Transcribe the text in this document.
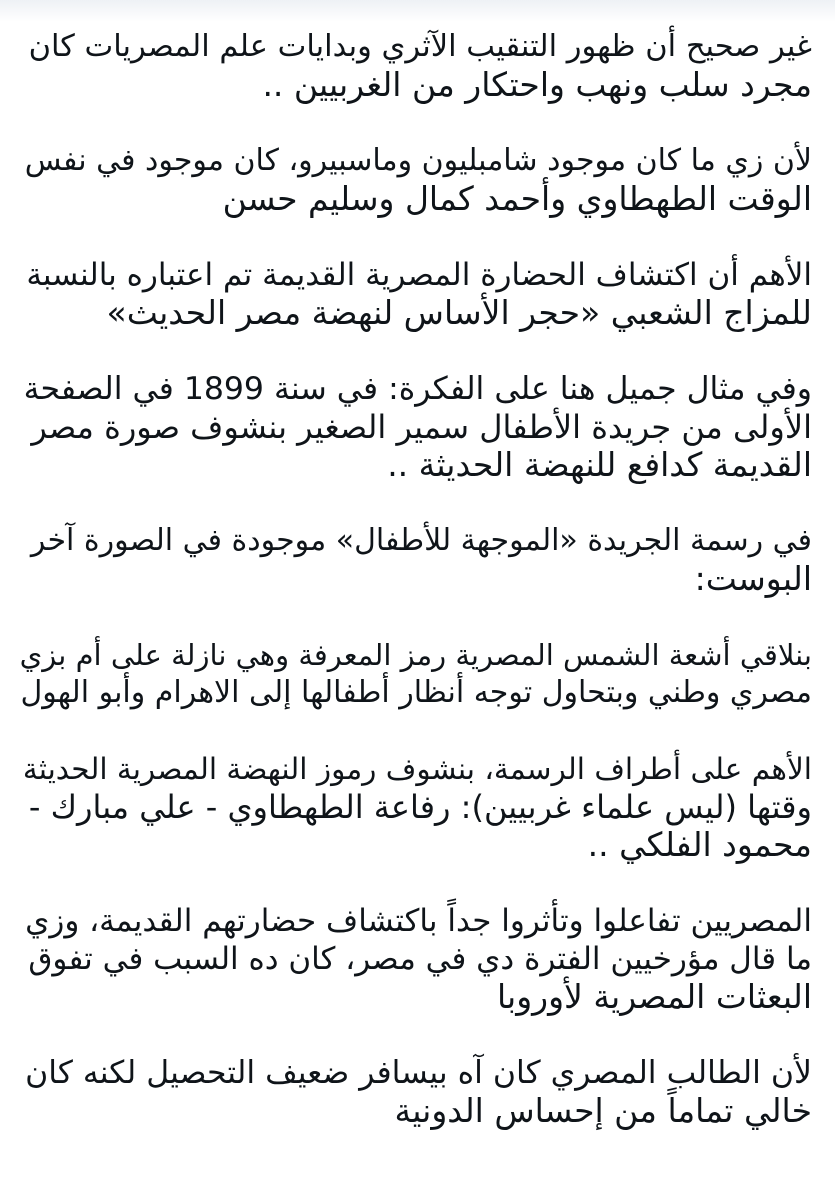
غير صحيح أن ظهور التنقيب الآثري وبدايات علم المصريات كان
مجرد سلب ونهب واحتكار من الغربيين ..

لأن زي ما كان موجود شامبليون وماسبيرو، كان موجود في نفس
الوقت الطهطاوي وأحمد كمال وسليم حسن

الأهم أن اكتشاف الحضارة المصرية القديمة تم اعتباره بالنسبة
للمزاج الشعبي «حجر الأساس لنهضة مصر الحديث»

وفي مثال جميل هنا على الفكرة: في سنة 1899 في الصفحة
الأولى من جريدة الأطفال سمير الصغير بنشوف صورة مصر
القديمة كدافع للنهضة الحديثة ..

في رسمة الجريدة «الموجهة للأطفال» موجودة في الصورة آخر
البوست:

بنلاقي أشعة الشمس المصرية رمز المعرفة وهي نازلة على أم بزي
مصري وطني وبتحاول توجه أنظار أطفالها إلى الاهرام وأبو الهول

الأهم على أطراف الرسمة، بنشوف رموز النهضة المصرية الحديثة
وقتها (ليس علماء غربيين): رفاعة الطهطاوي - علي مبارك -
محمود الفلكي ..

المصريين تفاعلوا وتأثروا جداً باكتشاف حضارتهم القديمة، وزي
ما قال مؤرخيين الفترة دي في مصر، كان ده السبب في تفوق
البعثات المصرية لأوروبا

لأن الطالب المصري كان آه بيسافر ضعيف التحصيل لكنه كان
خالي تماماً من إحساس الدونية
